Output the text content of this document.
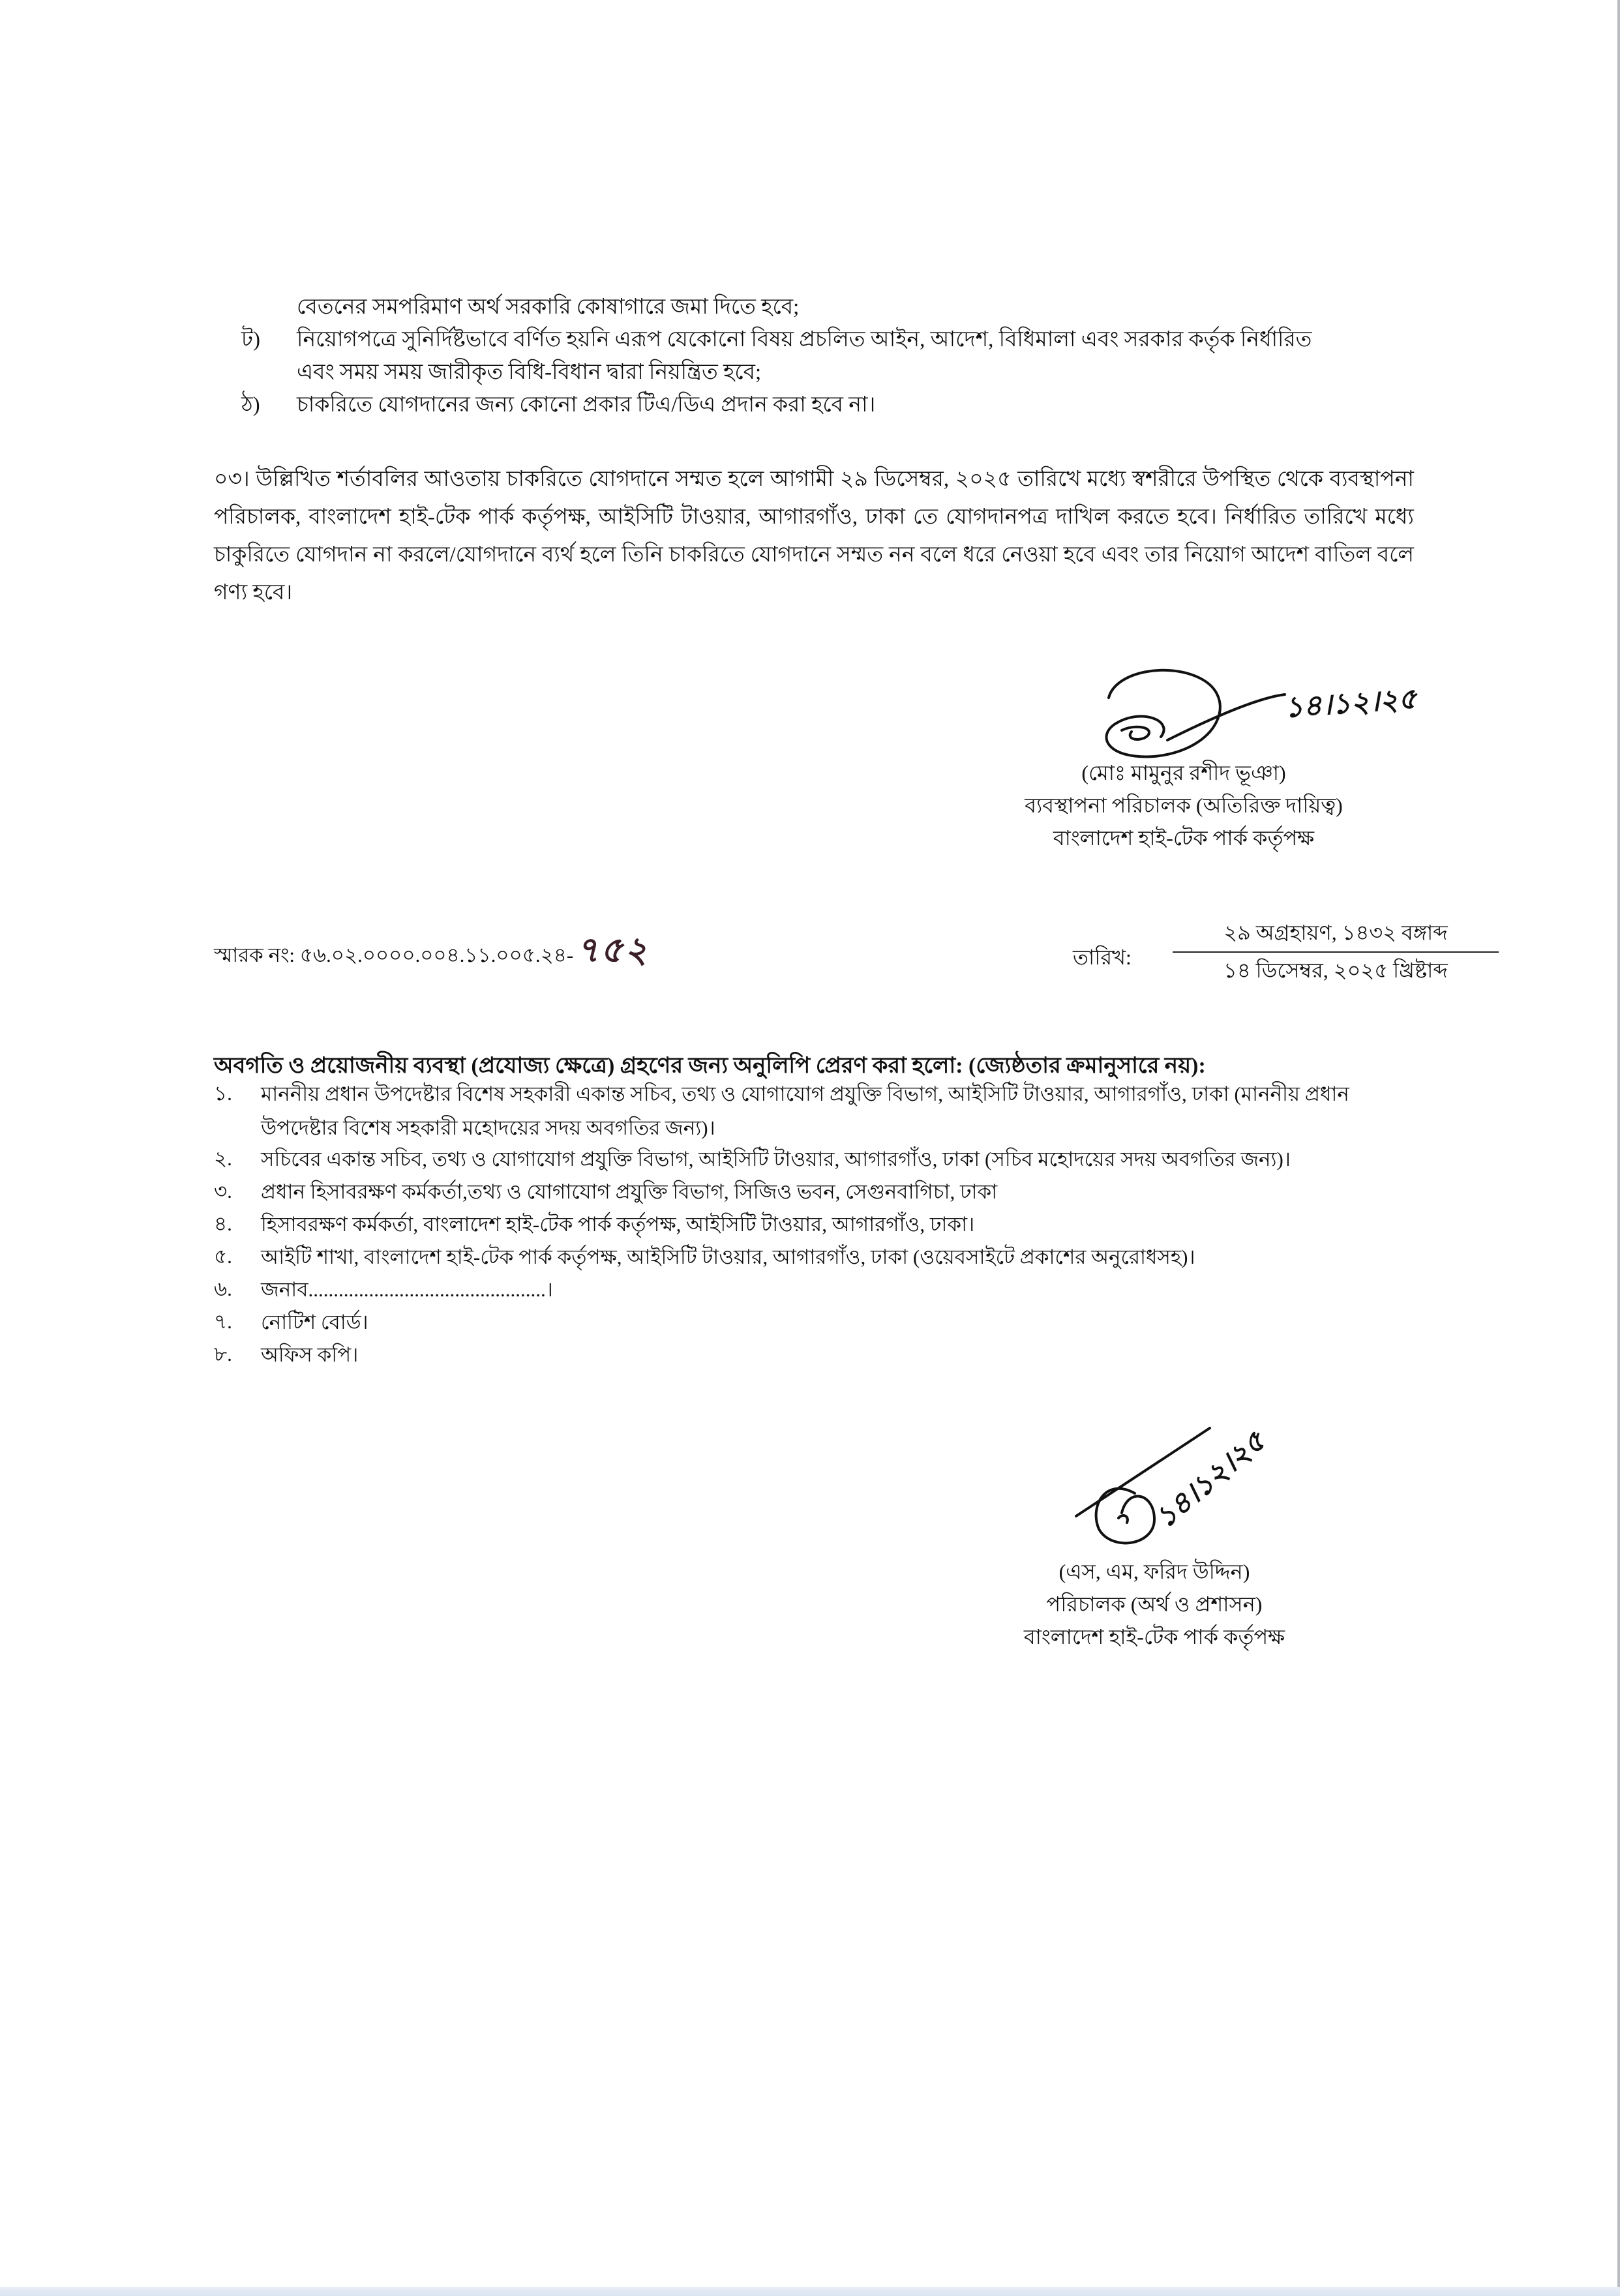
বেতনের সমপরিমাণ অর্থ সরকারি কোষাগারে জমা দিতে হবে;
ট) নিয়োগপত্রে সুনির্দিষ্টভাবে বর্ণিত হয়নি এরূপ যেকোনো বিষয় প্রচলিত আইন, আদেশ, বিধিমালা এবং সরকার কর্তৃক নির্ধারিত
এবং সময় সময় জারীকৃত বিধি-বিধান দ্বারা নিয়ন্ত্রিত হবে;
ঠ) চাকরিতে যোগদানের জন্য কোনো প্রকার টিএ/ডিএ প্রদান করা হবে না।
০৩। উল্লিখিত শর্তাবলির আওতায় চাকরিতে যোগদানে সম্মত হলে আগামী ২৯ ডিসেম্বর, ২০২৫ তারিখে মধ্যে স্বশরীরে উপস্থিত থেকে ব্যবস্থাপনা পরিচালক, বাংলাদেশ হাই-টেক পার্ক কর্তৃপক্ষ, আইসিটি টাওয়ার, আগারগাঁও, ঢাকা তে যোগদানপত্র দাখিল করতে হবে। নির্ধারিত তারিখে মধ্যে চাকুরিতে যোগদান না করলে/যোগদানে ব্যর্থ হলে তিনি চাকরিতে যোগদানে সম্মত নন বলে ধরে নেওয়া হবে এবং তার নিয়োগ আদেশ বাতিল বলে গণ্য হবে।
১৪।১২।২৫
(মোঃ মামুনুর রশীদ ভূঞা)
ব্যবস্থাপনা পরিচালক (অতিরিক্ত দায়িত্ব)
বাংলাদেশ হাই-টেক পার্ক কর্তৃপক্ষ
স্মারক নং: ৫৬.০২.০০০০.০০৪.১১.০০৫.২৪-৭৫২	তারিখ:
২৯ অগ্রহায়ণ, ১৪৩২ বঙ্গাব্দ
১৪ ডিসেম্বর, ২০২৫ খ্রিষ্টাব্দ
অবগতি ও প্রয়োজনীয় ব্যবস্থা (প্রযোজ্য ক্ষেত্রে) গ্রহণের জন্য অনুলিপি প্রেরণ করা হলো: (জ্যেষ্ঠতার ক্রমানুসারে নয়):
১. মাননীয় প্রধান উপদেষ্টার বিশেষ সহকারী একান্ত সচিব, তথ্য ও যোগাযোগ প্রযুক্তি বিভাগ, আইসিটি টাওয়ার, আগারগাঁও, ঢাকা (মাননীয় প্রধান উপদেষ্টার বিশেষ সহকারী মহোদয়ের সদয় অবগতির জন্য)।
২. সচিবের একান্ত সচিব, তথ্য ও যোগাযোগ প্রযুক্তি বিভাগ, আইসিটি টাওয়ার, আগারগাঁও, ঢাকা (সচিব মহোদয়ের সদয় অবগতির জন্য)।
৩. প্রধান হিসাবরক্ষণ কর্মকর্তা,তথ্য ও যোগাযোগ প্রযুক্তি বিভাগ, সিজিও ভবন, সেগুনবাগিচা, ঢাকা
৪. হিসাবরক্ষণ কর্মকর্তা, বাংলাদেশ হাই-টেক পার্ক কর্তৃপক্ষ, আইসিটি টাওয়ার, আগারগাঁও, ঢাকা।
৫. আইটি শাখা, বাংলাদেশ হাই-টেক পার্ক কর্তৃপক্ষ, আইসিটি টাওয়ার, আগারগাঁও, ঢাকা (ওয়েবসাইটে প্রকাশের অনুরোধসহ)।
৬. জনাব...............................................।
৭. নোটিশ বোর্ড।
৮. অফিস কপি।
১৪।১২।২৫
(এস, এম, ফরিদ উদ্দিন)
পরিচালক (অর্থ ও প্রশাসন)
বাংলাদেশ হাই-টেক পার্ক কর্তৃপক্ষ
